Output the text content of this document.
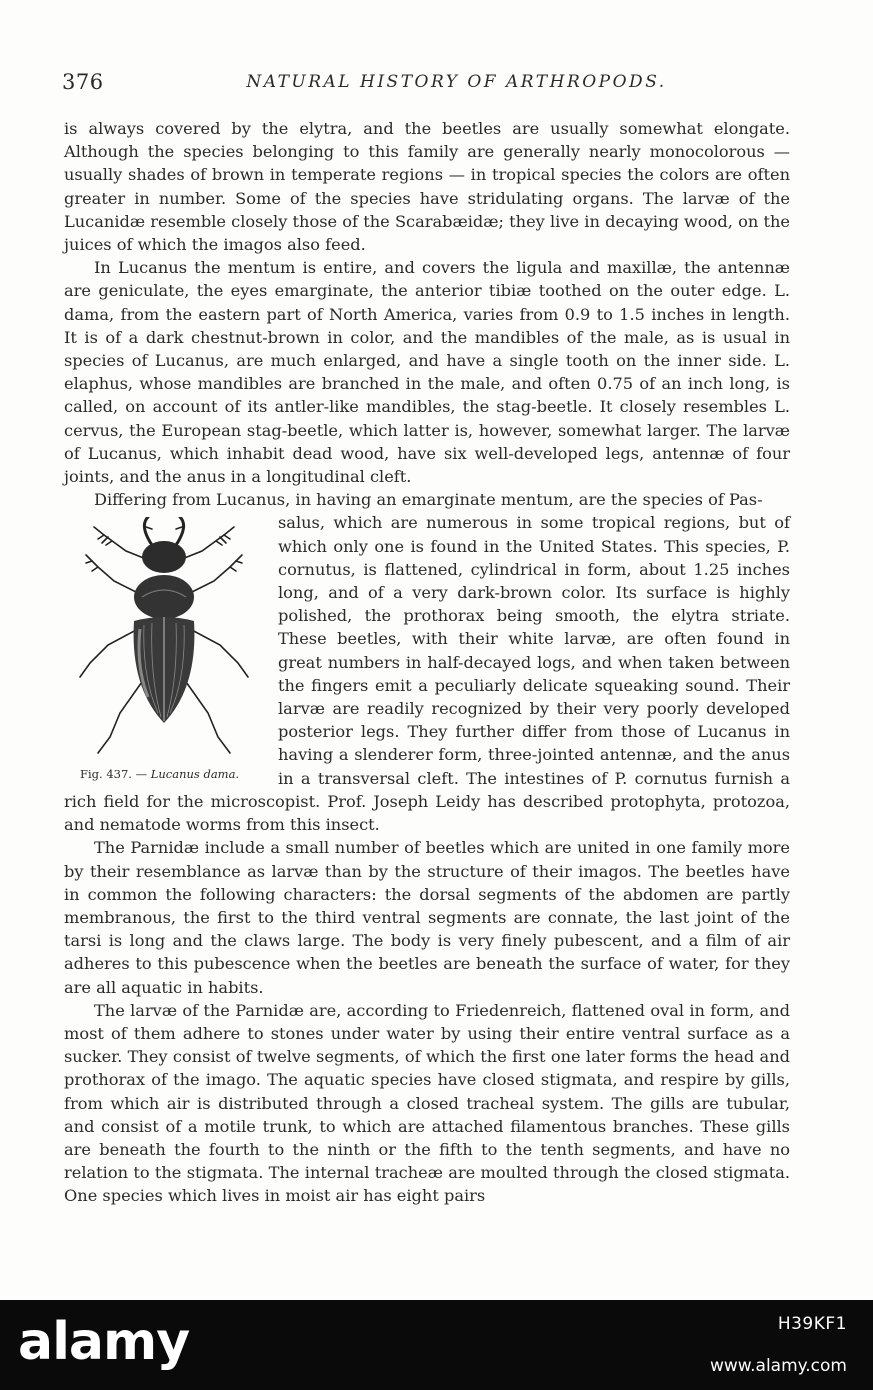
376	NATURAL HISTORY OF ARTHROPODS.

is always covered by the elytra, and the beetles are usually somewhat elongate. Although the species belonging to this family are generally nearly monocolorous — usually shades of brown in temperate regions — in tropical species the colors are often greater in number. Some of the species have stridulating organs. The larvæ of the Lucanidæ resemble closely those of the Scarabæidæ; they live in decaying wood, on the juices of which the imagos also feed.

In Lucanus the mentum is entire, and covers the ligula and maxillæ, the antennæ are geniculate, the eyes emarginate, the anterior tibiæ toothed on the outer edge. L. dama, from the eastern part of North America, varies from 0.9 to 1.5 inches in length. It is of a dark chestnut-brown in color, and the mandibles of the male, as is usual in species of Lucanus, are much enlarged, and have a single tooth on the inner side. L. elaphus, whose mandibles are branched in the male, and often 0.75 of an inch long, is called, on account of its antler-like mandibles, the stag-beetle. It closely resembles L. cervus, the European stag-beetle, which latter is, however, somewhat larger. The larvæ of Lucanus, which inhabit dead wood, have six well-developed legs, antennæ of four joints, and the anus in a longitudinal cleft.

Differing from Lucanus, in having an emarginate mentum, are the species of Pas-

Fig. 437. — Lucanus dama.

salus, which are numerous in some tropical regions, but of which only one is found in the United States. This species, P. cornutus, is flattened, cylindrical in form, about 1.25 inches long, and of a very dark-brown color. Its surface is highly polished, the prothorax being smooth, the elytra striate. These beetles, with their white larvæ, are often found in great numbers in half-decayed logs, and when taken between the fingers emit a peculiarly delicate squeaking sound. Their larvæ are readily recognized by their very poorly developed posterior legs. They further differ from those of Lucanus in having a slenderer form, three-jointed antennæ, and the anus in a transversal cleft. The intestines of P. cornutus furnish a rich field for the microscopist. Prof. Joseph Leidy has described protophyta, protozoa, and nematode worms from this insect.

The Parnidæ include a small number of beetles which are united in one family more by their resemblance as larvæ than by the structure of their imagos. The beetles have in common the following characters: the dorsal segments of the abdomen are partly membranous, the first to the third ventral segments are connate, the last joint of the tarsi is long and the claws large. The body is very finely pubescent, and a film of air adheres to this pubescence when the beetles are beneath the surface of water, for they are all aquatic in habits.

The larvæ of the Parnidæ are, according to Friedenreich, flattened oval in form, and most of them adhere to stones under water by using their entire ventral surface as a sucker. They consist of twelve segments, of which the first one later forms the head and prothorax of the imago. The aquatic species have closed stigmata, and respire by gills, from which air is distributed through a closed tracheal system. The gills are tubular, and consist of a motile trunk, to which are attached filamentous branches. These gills are beneath the fourth to the ninth or the fifth to the tenth segments, and have no relation to the stigmata. The internal tracheæ are moulted through the closed stigmata. One species which lives in moist air has eight pairs

alamy	H39KF1
www.alamy.com
